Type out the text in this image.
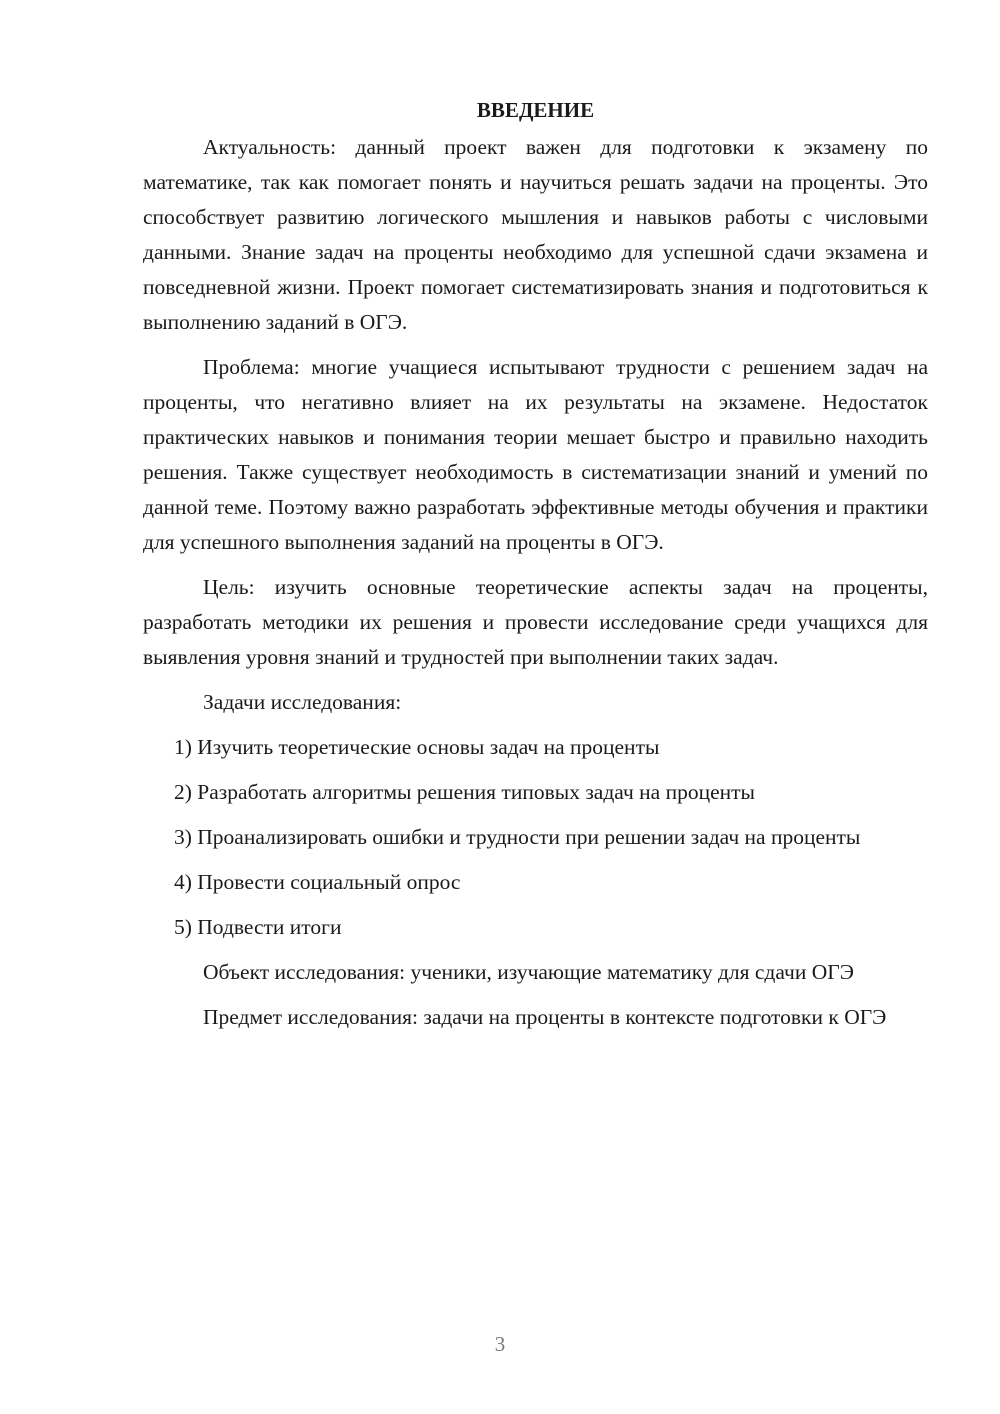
ВВЕДЕНИЕ

Актуальность: данный проект важен для подготовки к экзамену по математике, так как помогает понять и научиться решать задачи на проценты. Это способствует развитию логического мышления и навыков работы с числовыми данными. Знание задач на проценты необходимо для успешной сдачи экзамена и повседневной жизни. Проект помогает систематизировать знания и подготовиться к выполнению заданий в ОГЭ.

Проблема: многие учащиеся испытывают трудности с решением задач на проценты, что негативно влияет на их результаты на экзамене. Недостаток практических навыков и понимания теории мешает быстро и правильно находить решения. Также существует необходимость в систематизации знаний и умений по данной теме. Поэтому важно разработать эффективные методы обучения и практики для успешного выполнения заданий на проценты в ОГЭ.

Цель: изучить основные теоретические аспекты задач на проценты, разработать методики их решения и провести исследование среди учащихся для выявления уровня знаний и трудностей при выполнении таких задач.

Задачи исследования:

1) Изучить теоретические основы задач на проценты

2) Разработать алгоритмы решения типовых задач на проценты

3) Проанализировать ошибки и трудности при решении задач на проценты

4) Провести социальный опрос

5) Подвести итоги

Объект исследования: ученики, изучающие математику для сдачи ОГЭ

Предмет исследования: задачи на проценты в контексте подготовки к ОГЭ

3
